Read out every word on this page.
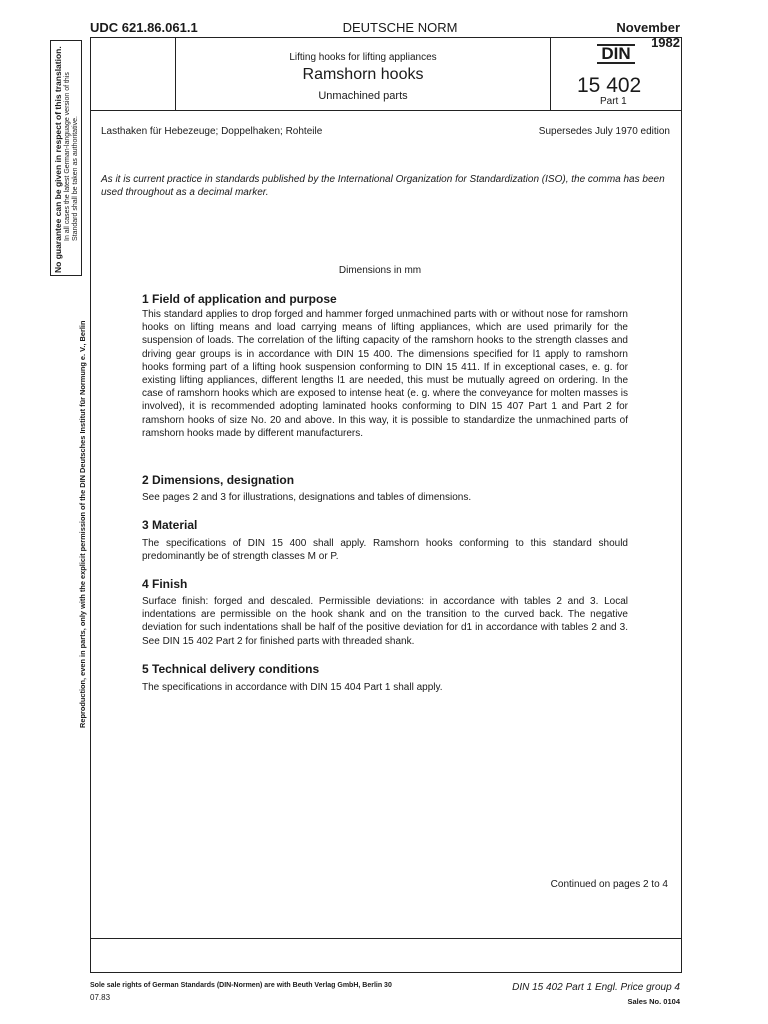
UDC 621.86.061.1	DEUTSCHE NORM	November 1982
No guarantee can be given in respect of this translation. In all cases the latest German-language version of this Standard shall be taken as authoritative.
Reproduction, even in parts, only with the explicit permission of the DIN Deutsches Institut für Normung e. V., Berlin
Lifting hooks for lifting appliances
Ramshorn hooks
Unmachined parts
DIN
15 402
Part 1
Lasthaken für Hebezeuge; Doppelhaken; Rohteile	Supersedes July 1970 edition
As it is current practice in standards published by the International Organization for Standardization (ISO), the comma has been used throughout as a decimal marker.
Dimensions in mm
1 Field of application and purpose
This standard applies to drop forged and hammer forged unmachined parts with or without nose for ramshorn hooks on lifting means and load carrying means of lifting appliances, which are used primarily for the suspension of loads. The correlation of the lifting capacity of the ramshorn hooks to the strength classes and driving gear groups is in accordance with DIN 15 400. The dimensions specified for l1 apply to ramshorn hooks forming part of a lifting hook suspension conforming to DIN 15 411. If in exceptional cases, e. g. for existing lifting appliances, different lengths l1 are needed, this must be mutually agreed on ordering. In the case of ramshorn hooks which are exposed to intense heat (e. g. where the conveyance for molten masses is involved), it is recommended adopting laminated hooks conforming to DIN 15 407 Part 1 and Part 2 for ramshorn hooks of size No. 20 and above. In this way, it is possible to standardize the unmachined parts of ramshorn hooks made by different manufacturers.
2 Dimensions, designation
See pages 2 and 3 for illustrations, designations and tables of dimensions.
3 Material
The specifications of DIN 15 400 shall apply. Ramshorn hooks conforming to this standard should predominantly be of strength classes M or P.
4 Finish
Surface finish: forged and descaled. Permissible deviations: in accordance with tables 2 and 3. Local indentations are permissible on the hook shank and on the transition to the curved back. The negative deviation for such indentations shall be half of the positive deviation for d1 in accordance with tables 2 and 3. See DIN 15 402 Part 2 for finished parts with threaded shank.
5 Technical delivery conditions
The specifications in accordance with DIN 15 404 Part 1 shall apply.
Continued on pages 2 to 4
Sole sale rights of German Standards (DIN-Normen) are with Beuth Verlag GmbH, Berlin 30
07.83
DIN 15 402 Part 1 Engl. Price group 4
Sales No. 0104
